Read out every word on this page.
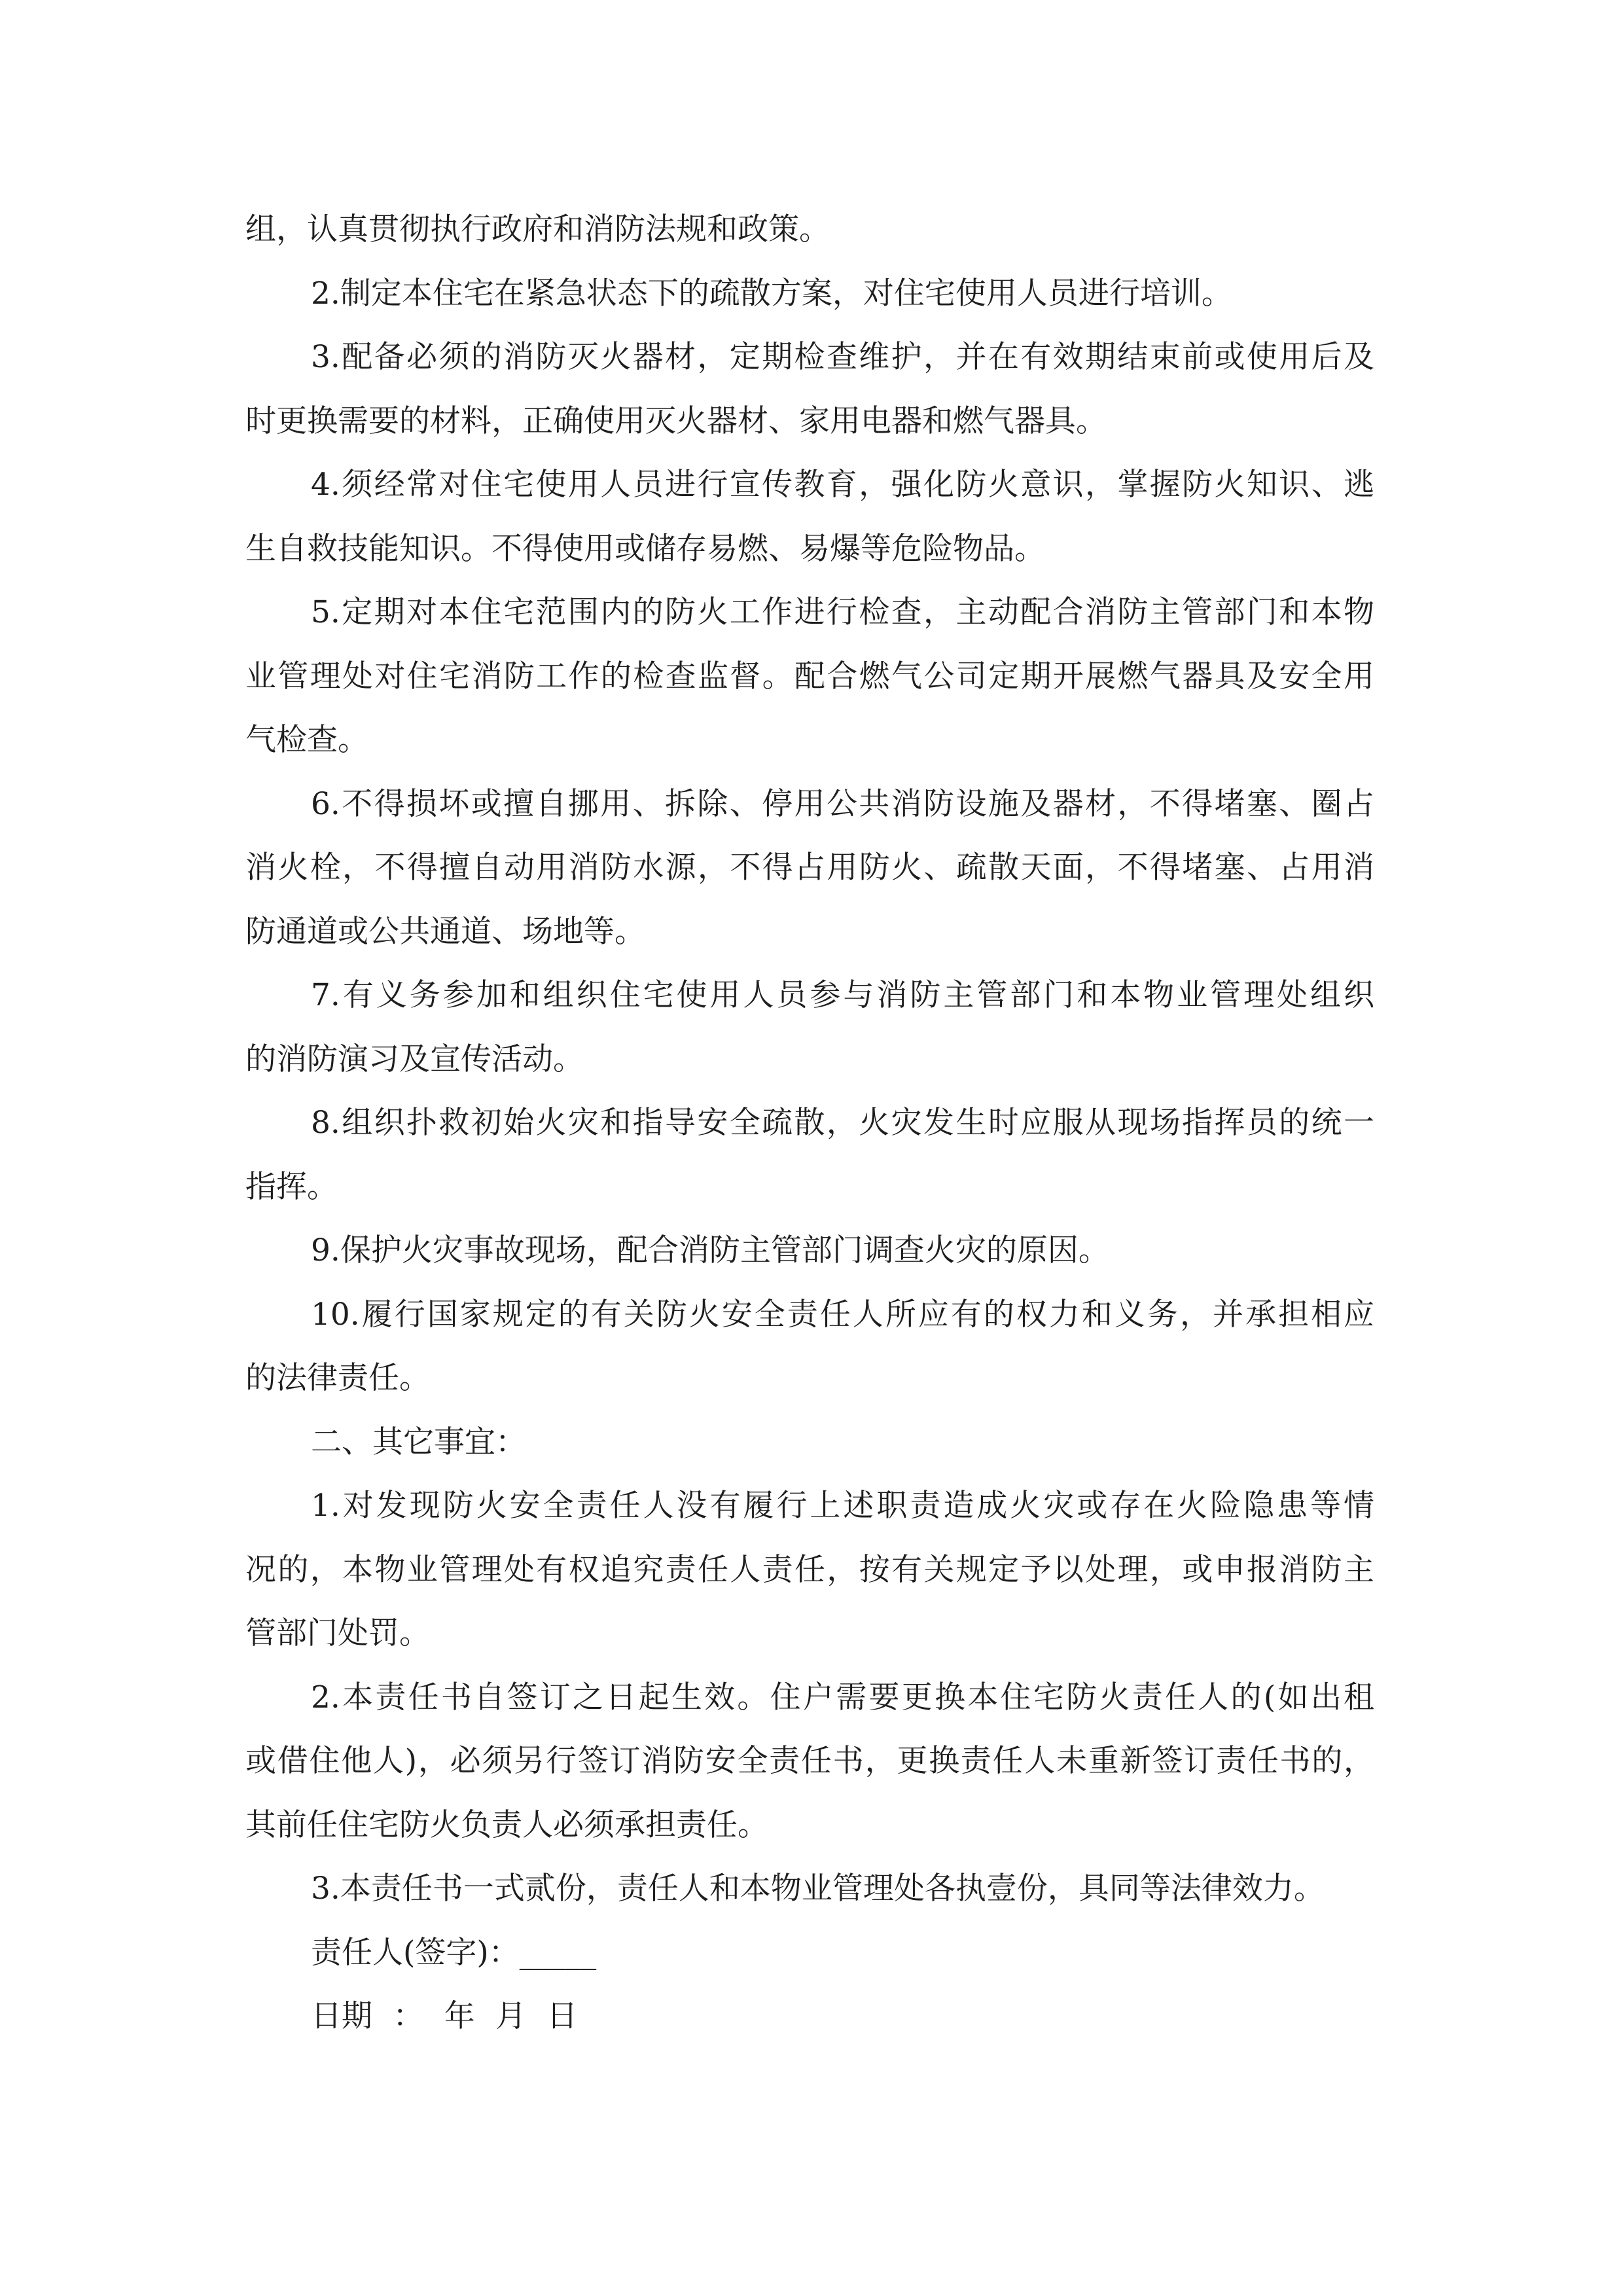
组，认真贯彻执行政府和消防法规和政策。
2.制定本住宅在紧急状态下的疏散方案，对住宅使用人员进行培训。
3.配备必须的消防灭火器材，定期检查维护，并在有效期结束前或使用后及
时更换需要的材料，正确使用灭火器材、家用电器和燃气器具。
4.须经常对住宅使用人员进行宣传教育，强化防火意识，掌握防火知识、逃
生自救技能知识。不得使用或储存易燃、易爆等危险物品。
5.定期对本住宅范围内的防火工作进行检查，主动配合消防主管部门和本物
业管理处对住宅消防工作的检查监督。配合燃气公司定期开展燃气器具及安全用
气检查。
6.不得损坏或擅自挪用、拆除、停用公共消防设施及器材，不得堵塞、圈占
消火栓，不得擅自动用消防水源，不得占用防火、疏散天面，不得堵塞、占用消
防通道或公共通道、场地等。
7.有义务参加和组织住宅使用人员参与消防主管部门和本物业管理处组织
的消防演习及宣传活动。
8.组织扑救初始火灾和指导安全疏散，火灾发生时应服从现场指挥员的统一
指挥。
9.保护火灾事故现场，配合消防主管部门调查火灾的原因。
10.履行国家规定的有关防火安全责任人所应有的权力和义务，并承担相应
的法律责任。
二、其它事宜：
1.对发现防火安全责任人没有履行上述职责造成火灾或存在火险隐患等情
况的，本物业管理处有权追究责任人责任，按有关规定予以处理，或申报消防主
管部门处罚。
2.本责任书自签订之日起生效。住户需要更换本住宅防火责任人的(如出租
或借住他人)，必须另行签订消防安全责任书，更换责任人未重新签订责任书的，
其前任住宅防火负责人必须承担责任。
3.本责任书一式贰份，责任人和本物业管理处各执壹份，具同等法律效力。
责任人(签字)：_____
日期 ： 年 月 日
